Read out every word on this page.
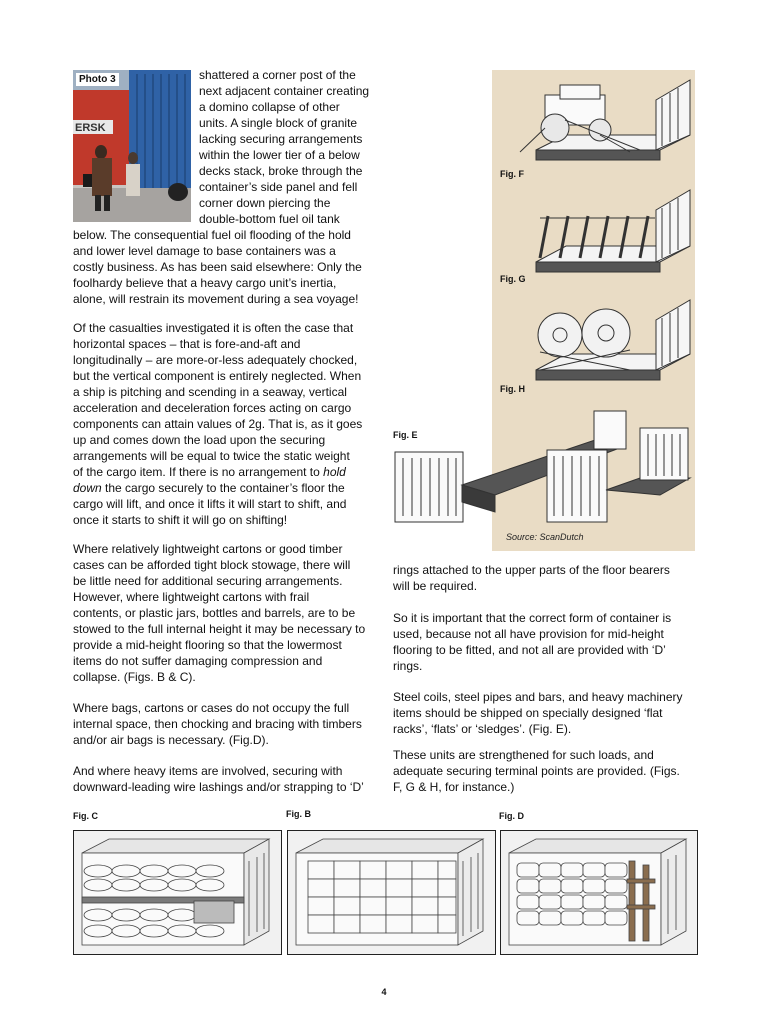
ERSK
Photo 3	shattered a corner post of the
next adjacent container creating
a domino collapse of other
units. A single block of granite
lacking securing arrangements
within the lower tier of a below
decks stack, broke through the
container’s side panel and fell
corner down piercing the
double-bottom fuel oil tank
below. The consequential fuel oil flooding of the hold
and lower level damage to base containers was a
costly business. As has been said elsewhere: Only the
foolhardy believe that a heavy cargo unit’s inertia,
alone, will restrain its movement during a sea voyage!
Of the casualties investigated it is often the case that
horizontal spaces – that is fore-and-aft and
longitudinally – are more-or-less adequately chocked,
but the vertical component is entirely neglected. When
a ship is pitching and scending in a seaway, vertical
acceleration and deceleration forces acting on cargo
components can attain values of 2g. That is, as it goes
up and comes down the load upon the securing
arrangements will be equal to twice the static weight
of the cargo item. If there is no arrangement to hold
down the cargo securely to the container’s floor the
cargo will lift, and once it lifts it will start to shift, and
once it starts to shift it will go on shifting!
Where relatively lightweight cartons or good timber
cases can be afforded tight block stowage, there will
be little need for additional securing arrangements.
However, where lightweight cartons with frail
contents, or plastic jars, bottles and barrels, are to be
stowed to the full internal height it may be necessary to
provide a mid-height flooring so that the lowermost
items do not suffer damaging compression and
collapse. (Figs. B & C).
Where bags, cartons or cases do not occupy the full
internal space, then chocking and bracing with timbers
and/or air bags is necessary. (Fig.D).
And where heavy items are involved, securing with
downward-leading wire lashings and/or strapping to ‘D’
Fig. F
Fig. G
Fig. H
Fig. E
Source: ScanDutch
rings attached to the upper parts of the floor bearers
will be required.
So it is important that the correct form of container is
used, because not all have provision for mid-height
flooring to be fitted, and not all are provided with ‘D’
rings.
Steel coils, steel pipes and bars, and heavy machinery
items should be shipped on specially designed ‘flat
racks’, ‘flats’ or ‘sledges’. (Fig. E).
These units are strengthened for such loads, and
adequate securing terminal points are provided. (Figs.
F, G & H, for instance.)
Fig. C	Fig. B	Fig. D
4
